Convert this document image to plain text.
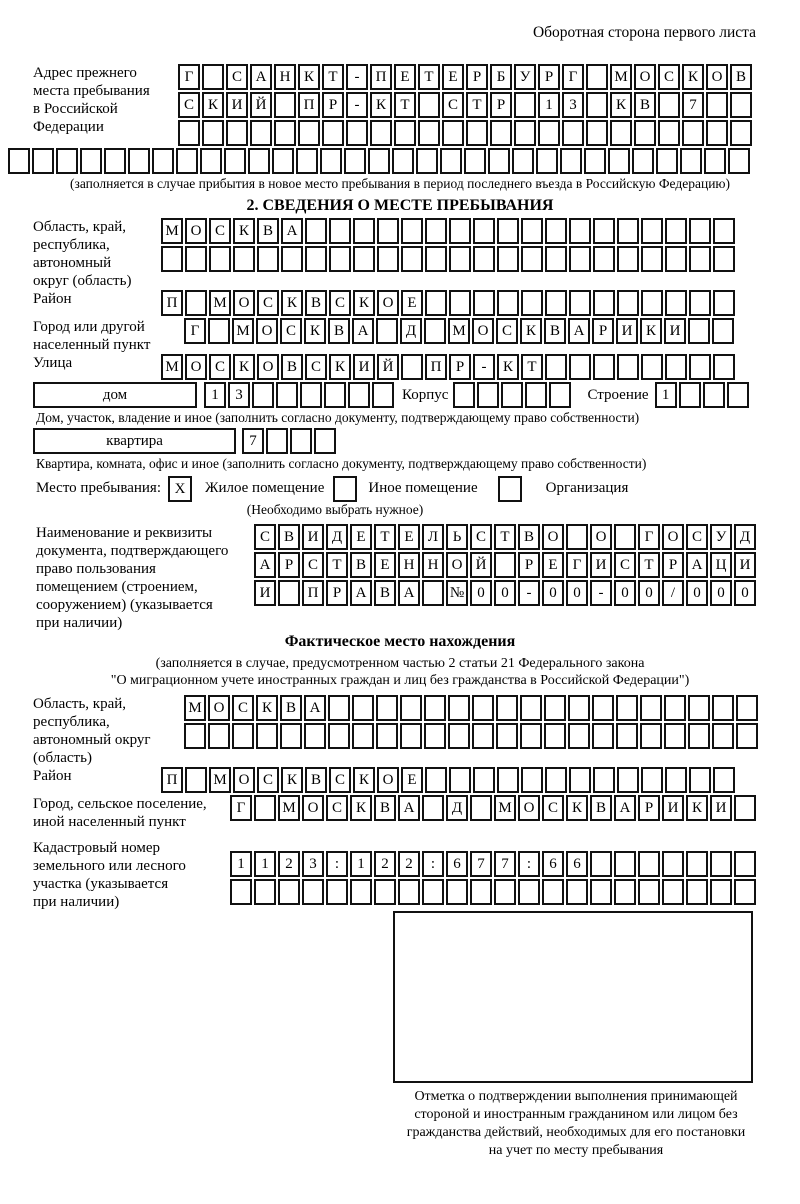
Оборотная сторона первого листа
Адрес прежнего
места пребывания
в Российской
Федерации
Г	С А Н К Т - П Е Т Е Р Б У Р Г М О С К О В
С К И Й П Р - К Т	С Т Р	1 3	К В	7
(заполняется в случае прибытия в новое место пребывания в период последнего въезда в Российскую Федерацию)
2. СВЕДЕНИЯ О МЕСТЕ ПРЕБЫВАНИЯ
Область, край,
республика,
автономный
округ (область)
М О С К В А
Район	П М О С К В С К О Е
Город или другой
населенный пункт
Г М О С К В А Д М О С К В А Р И К И
Улица	М О С К О В С К И Й П Р - К Т
дом	1 3	Корпус	Строение 1
Дом, участок, владение и иное (заполнить согласно документу, подтверждающему право собственности)
квартира	7
Квартира, комната, офис и иное (заполнить согласно документу, подтверждающему право собственности)
Место пребывания: X	Жилое помещение	Иное помещение	Организация
(Необходимо выбрать нужное)
Наименование и реквизиты
документа, подтверждающего
право пользования
помещением (строением,
сооружением) (указывается
при наличии)
С В И Д Е Т Е Л Ь С Т В О О	Г О С У Д
А Р С Т В Е Н Н О Й	Р Е Г И С Т Р А Ц И
И П Р А В А № 0 0 - 0 0 - 0 0 / 0 0 0
Фактическое место нахождения
(заполняется в случае, предусмотренном частью 2 статьи 21 Федерального закона
"О миграционном учете иностранных граждан и лиц без гражданства в Российской Федерации")
Область, край,
республика,
автономный округ
(область)
М О С К В А
Район	П М О С К В С К О Е
Город, сельское поселение,
иной населенный пункт
Г М О С К В А Д М О С К В А Р И К И
Кадастровый номер
земельного или лесного
участка (указывается
при наличии)
1 1 2 3 : 1 2 2 : 6 7 7 : 6 6
Отметка о подтверждении выполнения принимающей
стороной и иностранным гражданином или лицом без
гражданства действий, необходимых для его постановки
на учет по месту пребывания
